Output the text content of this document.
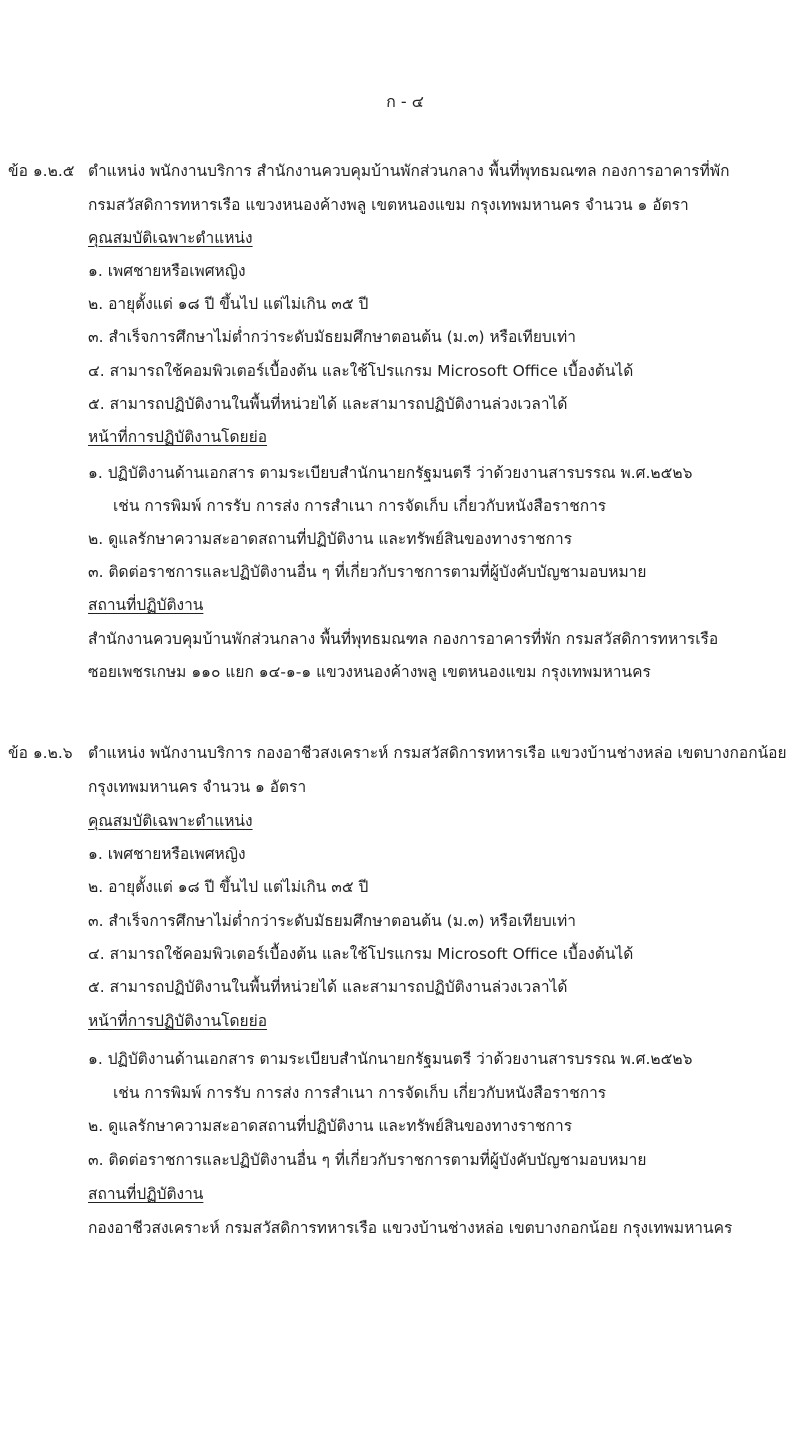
ก - ๔
ข้อ ๑.๒.๕ ตำแหน่ง พนักงานบริการ สำนักงานควบคุมบ้านพักส่วนกลาง พื้นที่พุทธมณฑล กองการอาคารที่พัก
กรมสวัสดิการทหารเรือ แขวงหนองค้างพลู เขตหนองแขม กรุงเทพมหานคร จำนวน ๑ อัตรา
คุณสมบัติเฉพาะตำแหน่ง
๑. เพศชายหรือเพศหญิง
๒. อายุตั้งแต่ ๑๘ ปี ขึ้นไป แต่ไม่เกิน ๓๕ ปี
๓. สำเร็จการศึกษาไม่ต่ำกว่าระดับมัธยมศึกษาตอนต้น (ม.๓) หรือเทียบเท่า
๔. สามารถใช้คอมพิวเตอร์เบื้องต้น และใช้โปรแกรม Microsoft Office เบื้องต้นได้
๕. สามารถปฏิบัติงานในพื้นที่หน่วยได้ และสามารถปฏิบัติงานล่วงเวลาได้
หน้าที่การปฏิบัติงานโดยย่อ
๑. ปฏิบัติงานด้านเอกสาร ตามระเบียบสำนักนายกรัฐมนตรี ว่าด้วยงานสารบรรณ พ.ศ.๒๕๒๖
เช่น การพิมพ์ การรับ การส่ง การสำเนา การจัดเก็บ เกี่ยวกับหนังสือราชการ
๒. ดูแลรักษาความสะอาดสถานที่ปฏิบัติงาน และทรัพย์สินของทางราชการ
๓. ติดต่อราชการและปฏิบัติงานอื่น ๆ ที่เกี่ยวกับราชการตามที่ผู้บังคับบัญชามอบหมาย
สถานที่ปฏิบัติงาน
สำนักงานควบคุมบ้านพักส่วนกลาง พื้นที่พุทธมณฑล กองการอาคารที่พัก กรมสวัสดิการทหารเรือ
ซอยเพชรเกษม ๑๑๐ แยก ๑๔-๑-๑ แขวงหนองค้างพลู เขตหนองแขม กรุงเทพมหานคร
ข้อ ๑.๒.๖ ตำแหน่ง พนักงานบริการ กองอาชีวสงเคราะห์ กรมสวัสดิการทหารเรือ แขวงบ้านช่างหล่อ เขตบางกอกน้อย
กรุงเทพมหานคร จำนวน ๑ อัตรา
คุณสมบัติเฉพาะตำแหน่ง
๑. เพศชายหรือเพศหญิง
๒. อายุตั้งแต่ ๑๘ ปี ขึ้นไป แต่ไม่เกิน ๓๕ ปี
๓. สำเร็จการศึกษาไม่ต่ำกว่าระดับมัธยมศึกษาตอนต้น (ม.๓) หรือเทียบเท่า
๔. สามารถใช้คอมพิวเตอร์เบื้องต้น และใช้โปรแกรม Microsoft Office เบื้องต้นได้
๕. สามารถปฏิบัติงานในพื้นที่หน่วยได้ และสามารถปฏิบัติงานล่วงเวลาได้
หน้าที่การปฏิบัติงานโดยย่อ
๑. ปฏิบัติงานด้านเอกสาร ตามระเบียบสำนักนายกรัฐมนตรี ว่าด้วยงานสารบรรณ พ.ศ.๒๕๒๖
เช่น การพิมพ์ การรับ การส่ง การสำเนา การจัดเก็บ เกี่ยวกับหนังสือราชการ
๒. ดูแลรักษาความสะอาดสถานที่ปฏิบัติงาน และทรัพย์สินของทางราชการ
๓. ติดต่อราชการและปฏิบัติงานอื่น ๆ ที่เกี่ยวกับราชการตามที่ผู้บังคับบัญชามอบหมาย
สถานที่ปฏิบัติงาน
กองอาชีวสงเคราะห์ กรมสวัสดิการทหารเรือ แขวงบ้านช่างหล่อ เขตบางกอกน้อย กรุงเทพมหานคร
